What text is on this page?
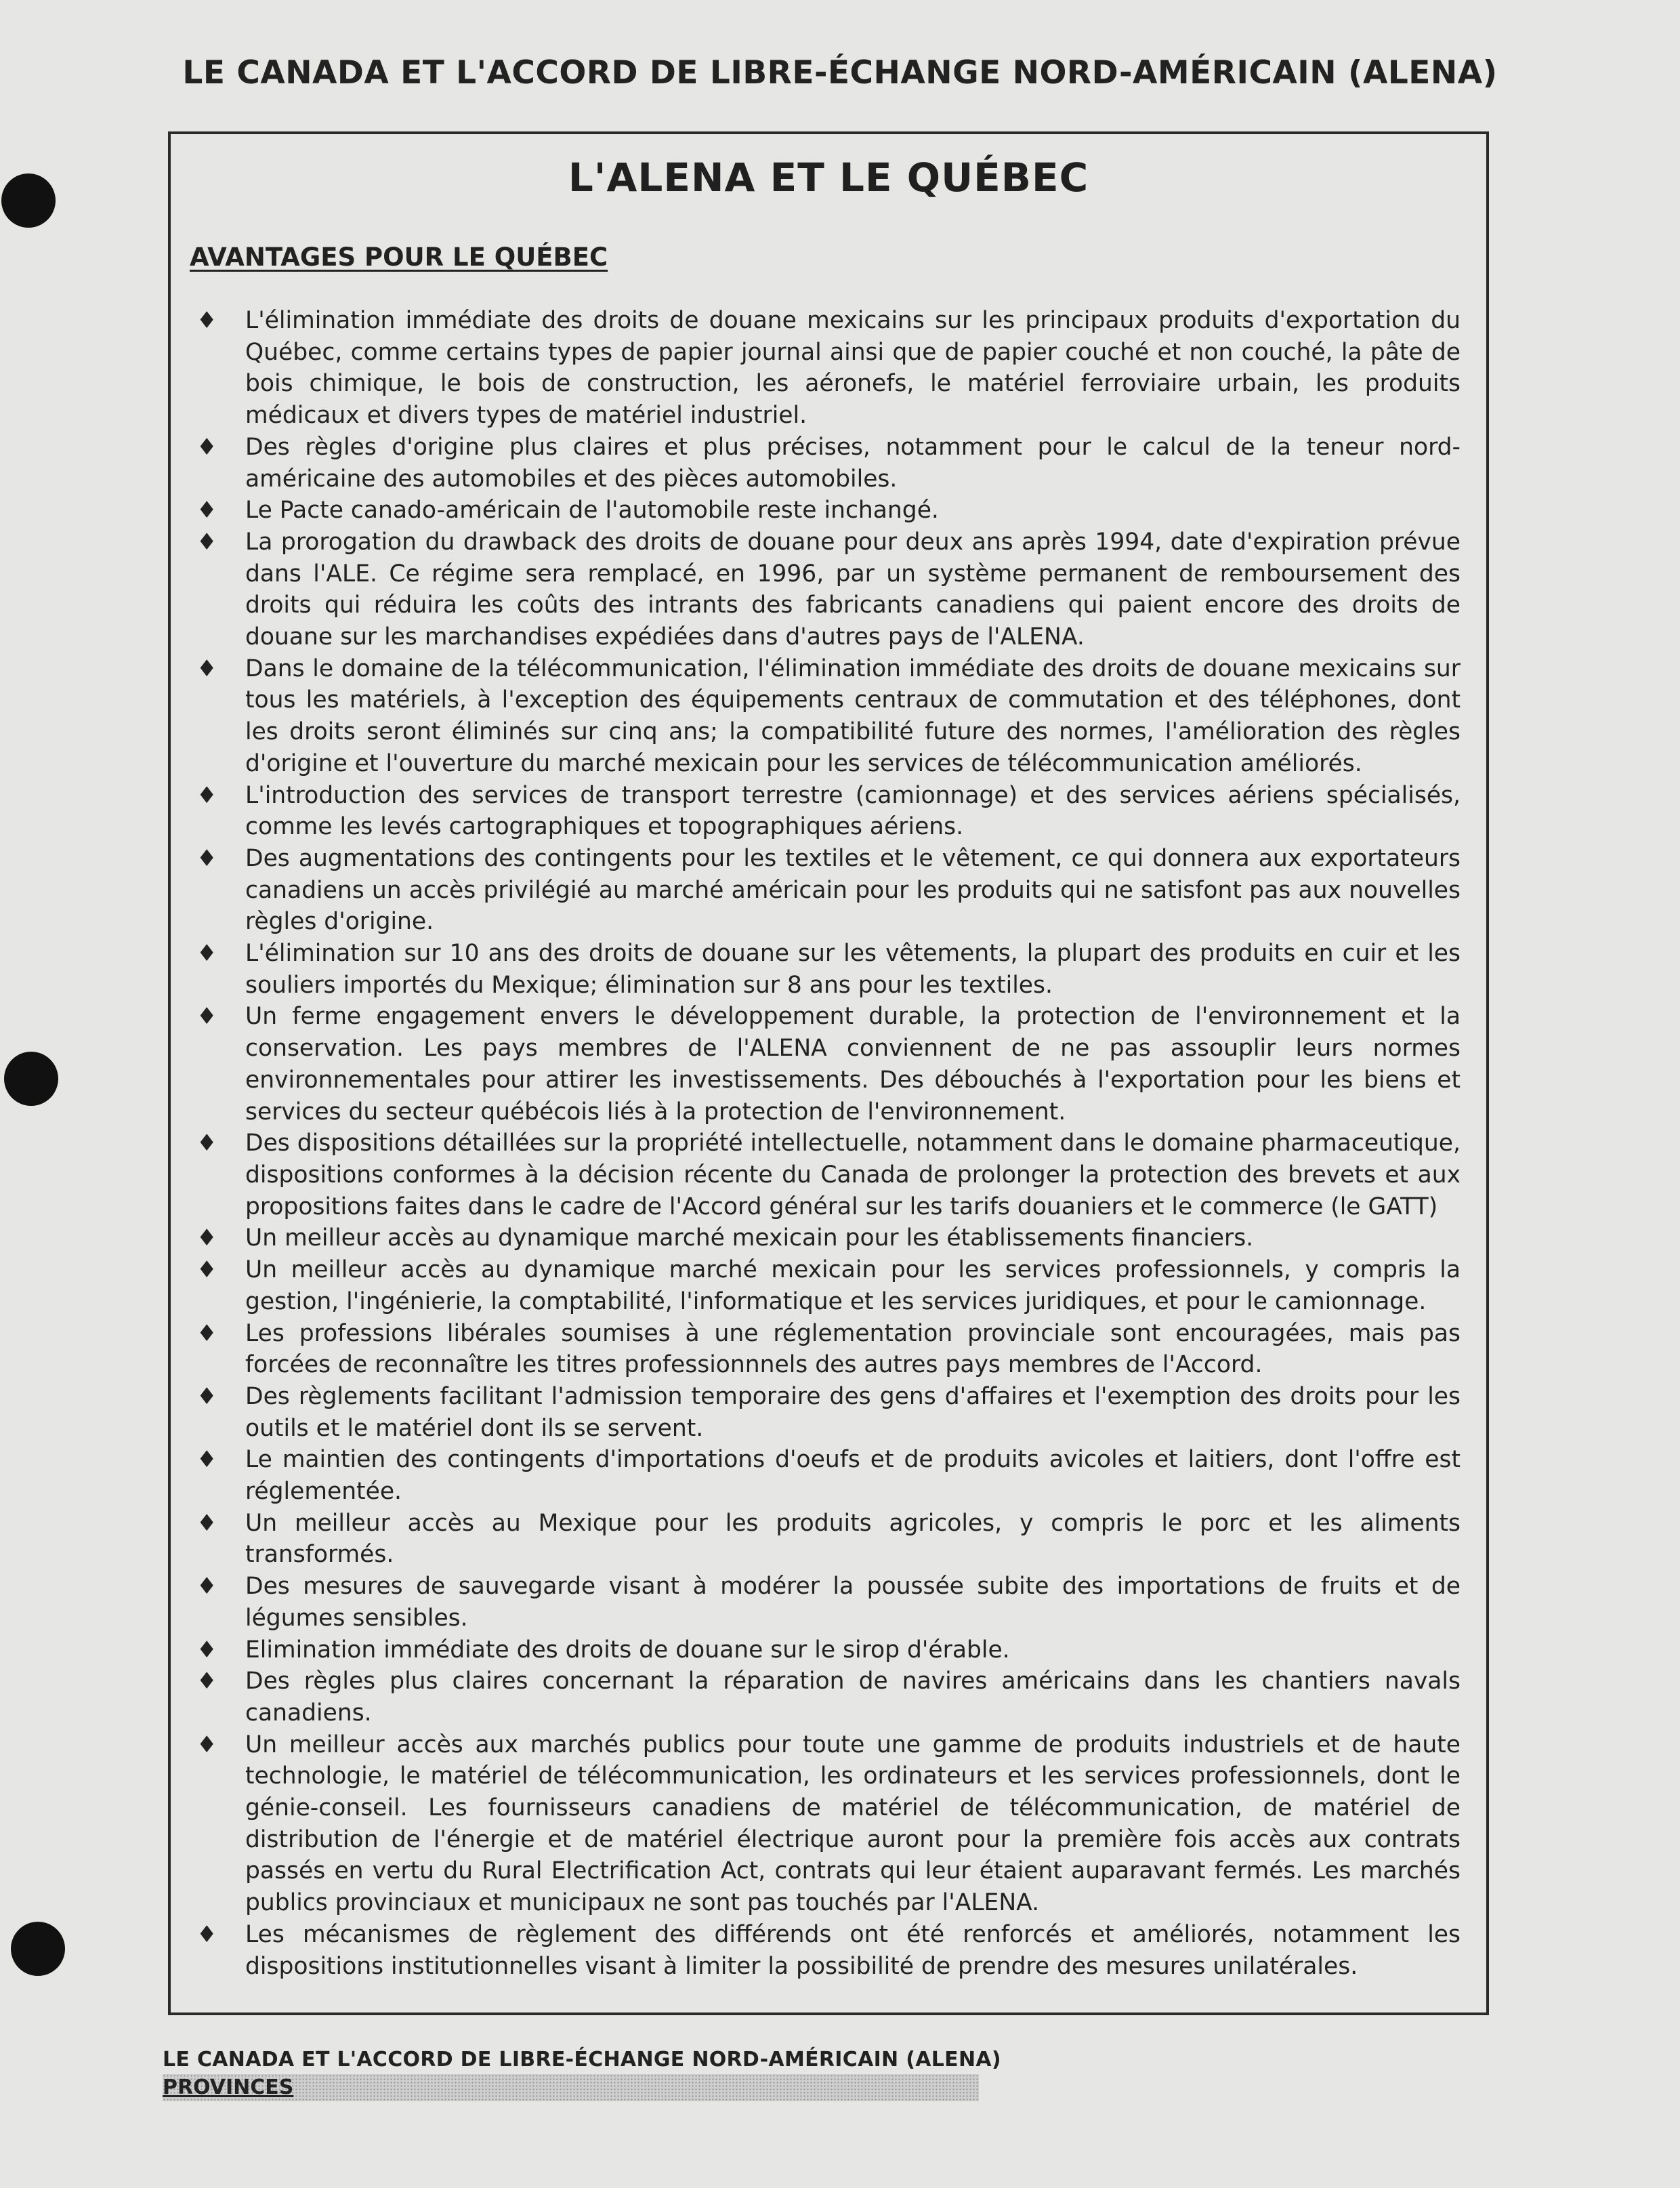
LE CANADA ET L'ACCORD DE LIBRE-ÉCHANGE NORD-AMÉRICAIN (ALENA)
L'ALENA ET LE QUÉBEC
AVANTAGES POUR LE QUÉBEC
♦ L'élimination immédiate des droits de douane mexicains sur les principaux produits d'exportation du Québec, comme certains types de papier journal ainsi que de papier couché et non couché, la pâte de bois chimique, le bois de construction, les aéronefs, le matériel ferroviaire urbain, les produits médicaux et divers types de matériel industriel.
♦ Des règles d'origine plus claires et plus précises, notamment pour le calcul de la teneur nord-américaine des automobiles et des pièces automobiles.
♦ Le Pacte canado-américain de l'automobile reste inchangé.
♦ La prorogation du drawback des droits de douane pour deux ans après 1994, date d'expiration prévue dans l'ALE. Ce régime sera remplacé, en 1996, par un système permanent de remboursement des droits qui réduira les coûts des intrants des fabricants canadiens qui paient encore des droits de douane sur les marchandises expédiées dans d'autres pays de l'ALENA.
♦ Dans le domaine de la télécommunication, l'élimination immédiate des droits de douane mexicains sur tous les matériels, à l'exception des équipements centraux de commutation et des téléphones, dont les droits seront éliminés sur cinq ans; la compatibilité future des normes, l'amélioration des règles d'origine et l'ouverture du marché mexicain pour les services de télécommunication améliorés.
♦ L'introduction des services de transport terrestre (camionnage) et des services aériens spécialisés, comme les levés cartographiques et topographiques aériens.
♦ Des augmentations des contingents pour les textiles et le vêtement, ce qui donnera aux exportateurs canadiens un accès privilégié au marché américain pour les produits qui ne satisfont pas aux nouvelles règles d'origine.
♦ L'élimination sur 10 ans des droits de douane sur les vêtements, la plupart des produits en cuir et les souliers importés du Mexique; élimination sur 8 ans pour les textiles.
♦ Un ferme engagement envers le développement durable, la protection de l'environnement et la conservation. Les pays membres de l'ALENA conviennent de ne pas assouplir leurs normes environnementales pour attirer les investissements. Des débouchés à l'exportation pour les biens et services du secteur québécois liés à la protection de l'environnement.
♦ Des dispositions détaillées sur la propriété intellectuelle, notamment dans le domaine pharmaceutique, dispositions conformes à la décision récente du Canada de prolonger la protection des brevets et aux propositions faites dans le cadre de l'Accord général sur les tarifs douaniers et le commerce (le GATT)
♦ Un meilleur accès au dynamique marché mexicain pour les établissements financiers.
♦ Un meilleur accès au dynamique marché mexicain pour les services professionnels, y compris la gestion, l'ingénierie, la comptabilité, l'informatique et les services juridiques, et pour le camionnage.
♦ Les professions libérales soumises à une réglementation provinciale sont encouragées, mais pas forcées de reconnaître les titres professionnnels des autres pays membres de l'Accord.
♦ Des règlements facilitant l'admission temporaire des gens d'affaires et l'exemption des droits pour les outils et le matériel dont ils se servent.
♦ Le maintien des contingents d'importations d'oeufs et de produits avicoles et laitiers, dont l'offre est réglementée.
♦ Un meilleur accès au Mexique pour les produits agricoles, y compris le porc et les aliments transformés.
♦ Des mesures de sauvegarde visant à modérer la poussée subite des importations de fruits et de légumes sensibles.
♦ Elimination immédiate des droits de douane sur le sirop d'érable.
♦ Des règles plus claires concernant la réparation de navires américains dans les chantiers navals canadiens.
♦ Un meilleur accès aux marchés publics pour toute une gamme de produits industriels et de haute technologie, le matériel de télécommunication, les ordinateurs et les services professionnels, dont le génie-conseil. Les fournisseurs canadiens de matériel de télécommunication, de matériel de distribution de l'énergie et de matériel électrique auront pour la première fois accès aux contrats passés en vertu du Rural Electrification Act, contrats qui leur étaient auparavant fermés. Les marchés publics provinciaux et municipaux ne sont pas touchés par l'ALENA.
♦ Les mécanismes de règlement des différends ont été renforcés et améliorés, notamment les dispositions institutionnelles visant à limiter la possibilité de prendre des mesures unilatérales.
LE CANADA ET L'ACCORD DE LIBRE-ÉCHANGE NORD-AMÉRICAIN (ALENA)
PROVINCES
